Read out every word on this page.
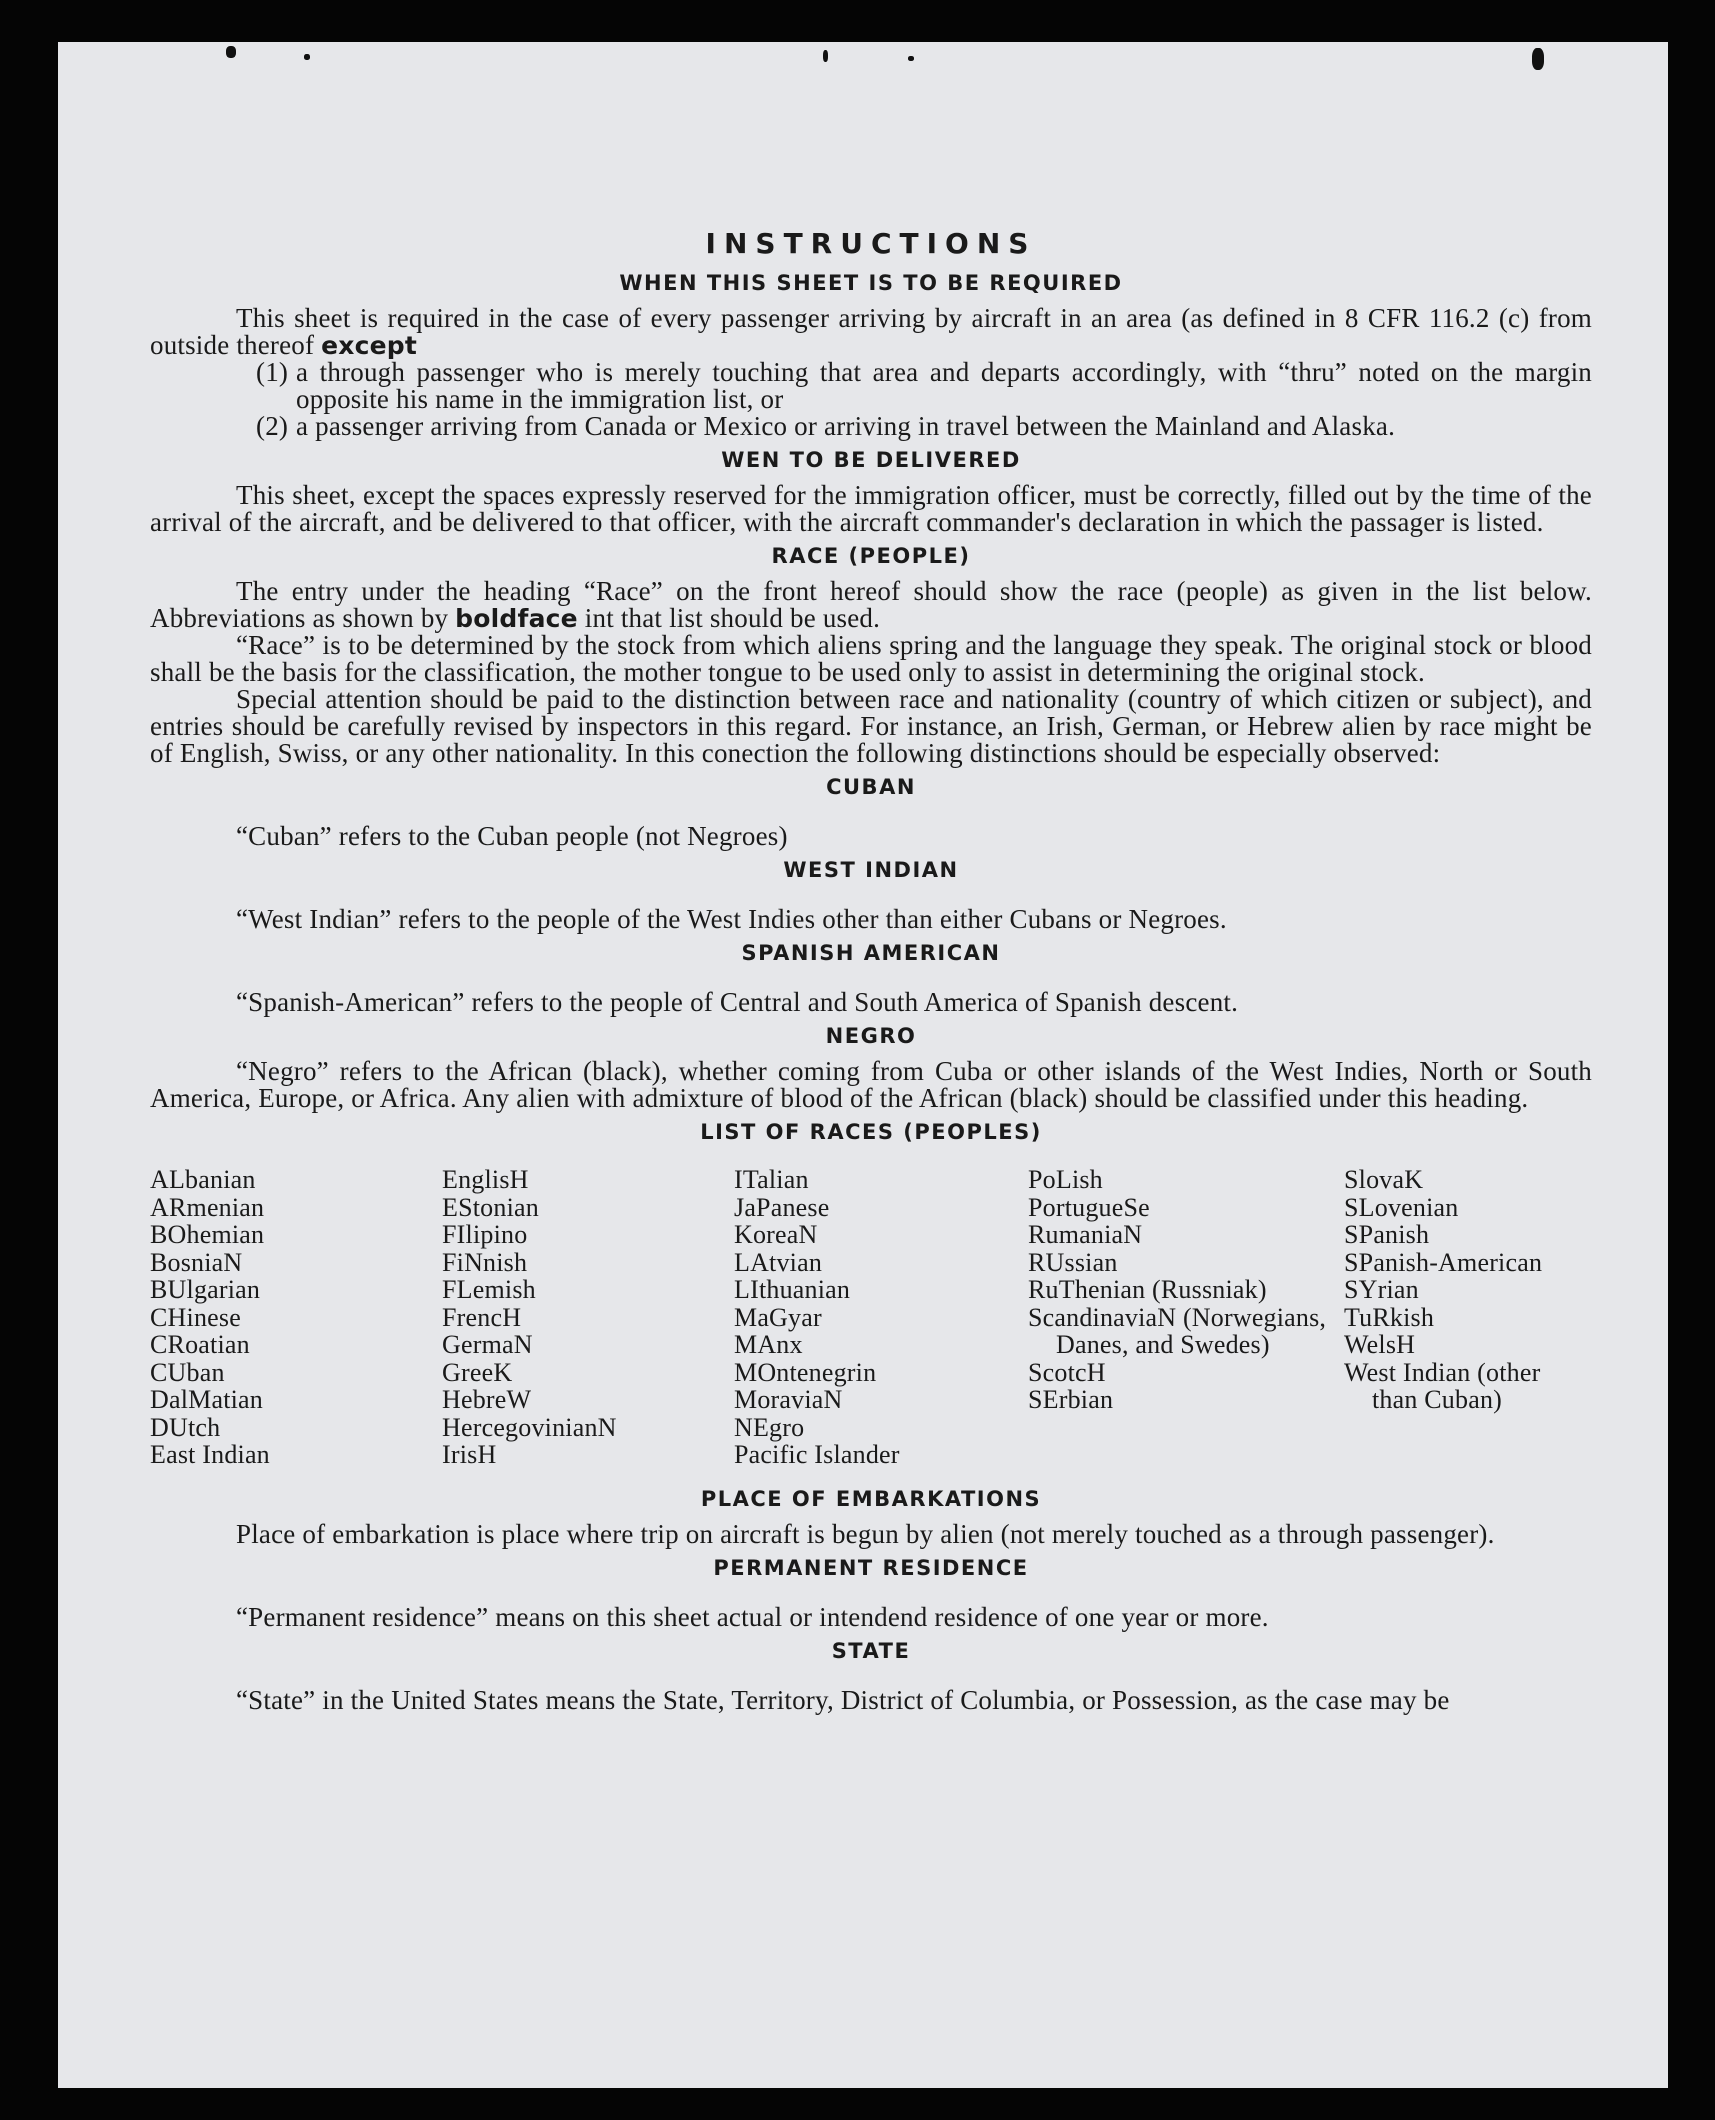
INSTRUCTIONS
WHEN THIS SHEET IS TO BE REQUIRED

This sheet is required in the case of every passenger arriving by aircraft in an area (as defined in 8 CFR 116.2 (c) from outside thereof except

(1) a through passenger who is merely touching that area and departs accordingly, with “thru” noted on the margin opposite his name in the immigration list, or

(2) a passenger arriving from Canada or Mexico or arriving in travel between the Mainland and Alaska.

WEN TO BE DELIVERED

This sheet, except the spaces expressly reserved for the immigration officer, must be correctly, filled out by the time of the arrival of the aircraft, and be delivered to that officer, with the aircraft commander's declaration in which the passager is listed.

RACE (PEOPLE)

The entry under the heading “Race” on the front hereof should show the race (people) as given in the list below. Abbreviations as shown by boldface int that list should be used.

“Race” is to be determined by the stock from which aliens spring and the language they speak. The original stock or blood shall be the basis for the classification, the mother tongue to be used only to assist in determining the original stock.

Special attention should be paid to the distinction between race and nationality (country of which citizen or subject), and entries should be carefully revised by inspectors in this regard. For instance, an Irish, German, or Hebrew alien by race might be of English, Swiss, or any other nationality. In this conection the following distinctions should be especially observed:

CUBAN

“Cuban” refers to the Cuban people (not Negroes)

WEST INDIAN

“West Indian” refers to the people of the West Indies other than either Cubans or Negroes.

SPANISH AMERICAN

“Spanish-American” refers to the people of Central and South America of Spanish descent.

NEGRO

“Negro” refers to the African (black), whether coming from Cuba or other islands of the West Indies, North or South America, Europe, or Africa. Any alien with admixture of blood of the African (black) should be classified under this heading.

LIST OF RACES (PEOPLES)
ALbanian
ARmenian
BOhemian
BosniaN
BUlgarian
CHinese
CRoatian
CUban
DalMatian
DUtch
East Indian
EnglisH
EStonian
FIlipino
FiNnish
FLemish
FrencH
GermaN
GreeK
HebreW
HercegovinianN
IrisH
ITalian
JaPanese
KoreaN
LAtvian
LIthuanian
MaGyar
MAnx
MOntenegrin
MoraviaN
NEgro
Pacific Islander
PoLish
PortugueSe
RumaniaN
RUssian
RuThenian (Russniak)
ScandinaviaN (Norwegians, Danes, and Swedes)
ScotcH
SErbian
SlovaK
SLovenian
SPanish
SPanish-American
SYrian
TuRkish
WelsH
West Indian (other than Cuban)
PLACE OF EMBARKATIONS

Place of embarkation is place where trip on aircraft is begun by alien (not merely touched as a through passenger).

PERMANENT RESIDENCE

“Permanent residence” means on this sheet actual or intendend residence of one year or more.

STATE

“State” in the United States means the State, Territory, District of Columbia, or Possession, as the case may be
